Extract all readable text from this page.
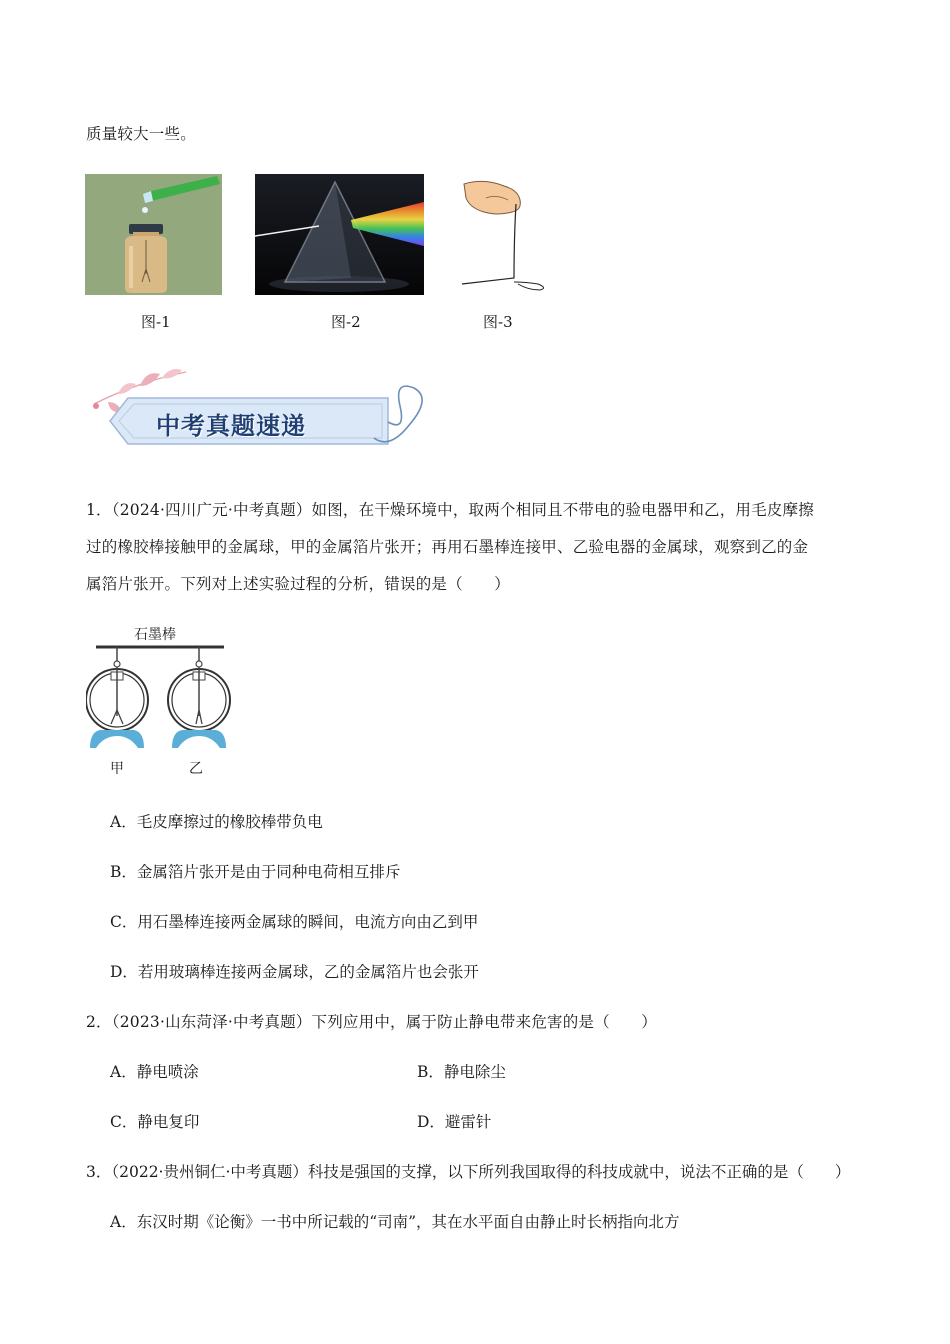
质量较大一些。
图-1	图-2	图-3
中考真题速递
1．（2024·四川广元·中考真题）如图，在干燥环境中，取两个相同且不带电的验电器甲和乙，用毛皮摩擦
过的橡胶棒接触甲的金属球，甲的金属箔片张开；再用石墨棒连接甲、乙验电器的金属球，观察到乙的金
属箔片张开。下列对上述实验过程的分析，错误的是（　　）
石墨棒
甲	乙
A．毛皮摩擦过的橡胶棒带负电
B．金属箔片张开是由于同种电荷相互排斥
C．用石墨棒连接两金属球的瞬间，电流方向由乙到甲
D．若用玻璃棒连接两金属球，乙的金属箔片也会张开
2．（2023·山东菏泽·中考真题）下列应用中，属于防止静电带来危害的是（　　）
A．静电喷涂	B．静电除尘
C．静电复印	D．避雷针
3．（2022·贵州铜仁·中考真题）科技是强国的支撑，以下所列我国取得的科技成就中，说法不正确的是（　　）
A．东汉时期《论衡》一书中所记载的“司南”，其在水平面自由静止时长柄指向北方
